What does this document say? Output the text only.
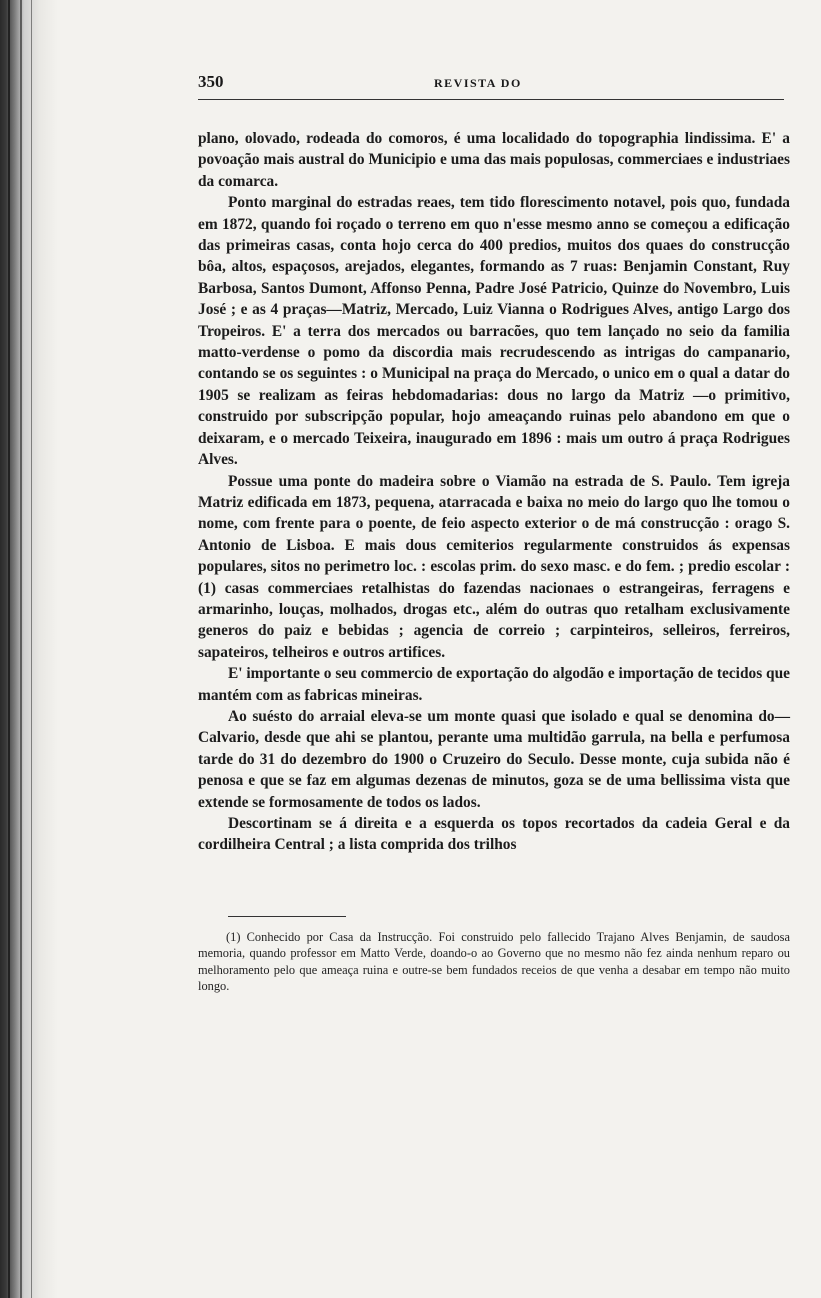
350	REVISTA DO

plano, olovado, rodeada do comoros, é uma localidado do topographia lindissima. E' a povoação mais austral do Municipio e uma das mais populosas, commerciaes e industriaes da comarca.

Ponto marginal do estradas reaes, tem tido florescimento notavel, pois quo, fundada em 1872, quando foi roçado o terreno em quo n'esse mesmo anno se começou a edificação das primeiras casas, conta hojo cerca do 400 predios, muitos dos quaes do construcção bôa, altos, espaçosos, arejados, elegantes, formando as 7 ruas: Benjamin Constant, Ruy Barbosa, Santos Dumont, Affonso Penna, Padre José Patricio, Quinze do Novembro, Luis José ; e as 4 praças—Matriz, Mercado, Luiz Vianna o Rodrigues Alves, antigo Largo dos Tropeiros. E' a terra dos mercados ou barracões, quo tem lançado no seio da familia matto-verdense o pomo da discordia mais recrudescendo as intrigas do campanario, contando se os seguintes : o Municipal na praça do Mercado, o unico em o qual a datar do 1905 se realizam as feiras hebdomadarias: dous no largo da Matriz —o primitivo, construido por subscripção popular, hojo ameaçando ruinas pelo abandono em que o deixaram, e o mercado Teixeira, inaugurado em 1896 : mais um outro á praça Rodrigues Alves.

Possue uma ponte do madeira sobre o Viamão na estrada de S. Paulo. Tem igreja Matriz edificada em 1873, pequena, atarracada e baixa no meio do largo quo lhe tomou o nome, com frente para o poente, de feio aspecto exterior o de má construcção : orago S. Antonio de Lisboa. E mais dous cemiterios regularmente construidos ás expensas populares, sitos no perimetro loc. : escolas prim. do sexo masc. e do fem. ; predio escolar : (1) casas commerciaes retalhistas do fazendas nacionaes o estrangeiras, ferragens e armarinho, louças, molhados, drogas etc., além do outras quo retalham exclusivamente generos do paiz e bebidas ; agencia de correio ; carpinteiros, selleiros, ferreiros, sapateiros, telheiros e outros artifices.

E' importante o seu commercio de exportação do algodão e importação de tecidos que mantém com as fabricas mineiras.

Ao suésto do arraial eleva-se um monte quasi que isolado e qual se denomina do—Calvario, desde que ahi se plantou, perante uma multidão garrula, na bella e perfumosa tarde do 31 do dezembro do 1900 o Cruzeiro do Seculo. Desse monte, cuja subida não é penosa e que se faz em algumas dezenas de minutos, goza se de uma bellissima vista que extende se formosamente de todos os lados.

Descortinam se á direita e a esquerda os topos recortados da cadeia Geral e da cordilheira Central ; a lista comprida dos trilhos

(1) Conhecido por Casa da Instrucção. Foi construido pelo fallecido Trajano Alves Benjamin, de saudosa memoria, quando professor em Matto Verde, doando-o ao Governo que no mesmo não fez ainda nenhum reparo ou melhoramento pelo que ameaça ruina e outre-se bem fundados receios de que venha a desabar em tempo não muito longo.
